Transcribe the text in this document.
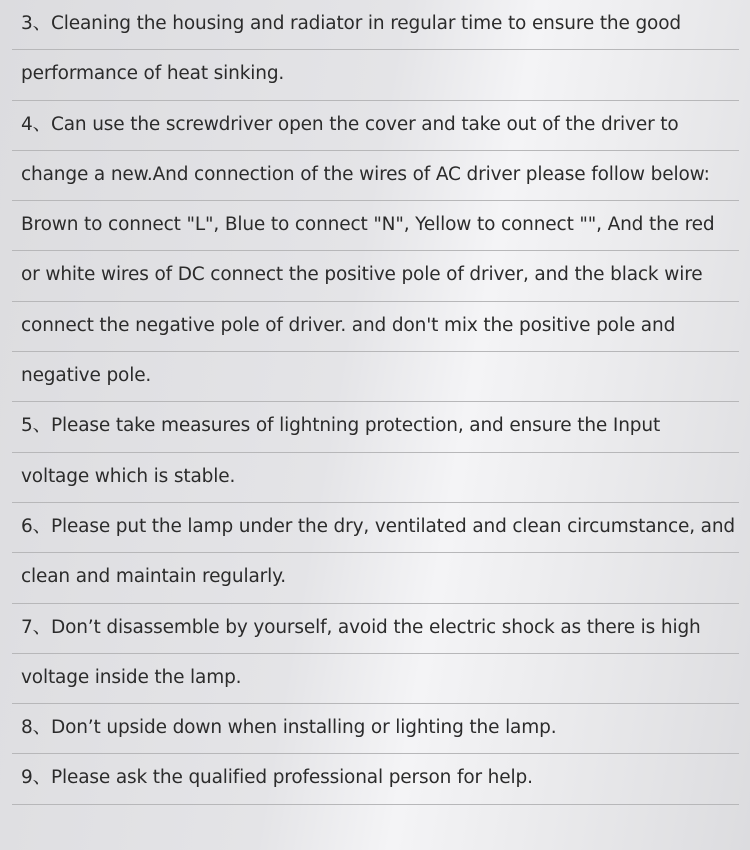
3、Cleaning the housing and radiator in regular time to ensure the good
performance of heat sinking.
4、Can use the screwdriver open the cover and take out of the driver to
change a new.And connection of the wires of AC driver please follow below:
Brown to connect "L", Blue to connect "N", Yellow to connect "", And the red
or white wires of DC connect the positive pole of driver, and the black wire
connect the negative pole of driver. and don't mix the positive pole and
negative pole.
5、Please take measures of lightning protection, and ensure the Input
voltage which is stable.
6、Please put the lamp under the dry, ventilated and clean circumstance, and
clean and maintain regularly.
7、Don’t disassemble by yourself, avoid the electric shock as there is high
voltage inside the lamp.
8、Don’t upside down when installing or lighting the lamp.
9、Please ask the qualified professional person for help.
